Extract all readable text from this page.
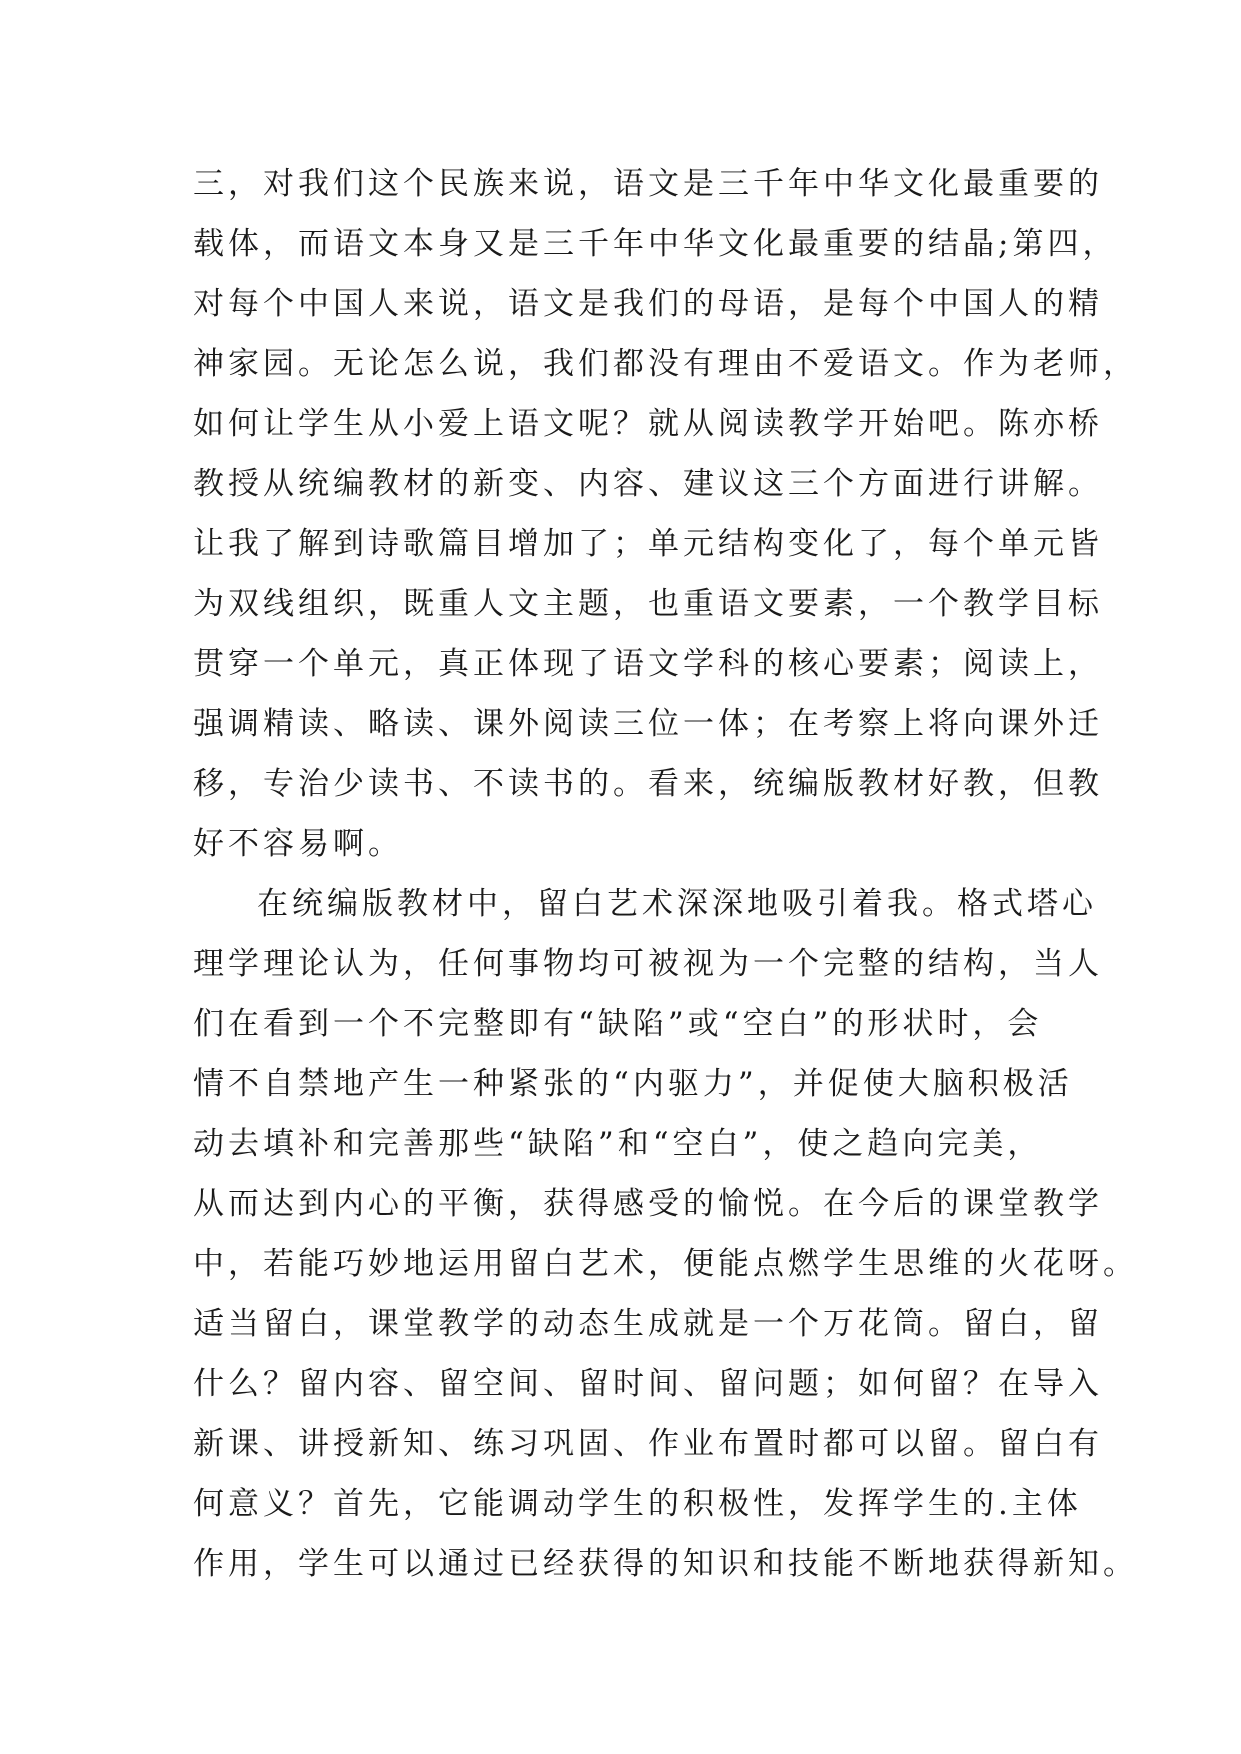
三，对我们这个民族来说，语文是三千年中华文化最重要的
载体，而语文本身又是三千年中华文化最重要的结晶;第四，
对每个中国人来说，语文是我们的母语，是每个中国人的精
神家园。无论怎么说，我们都没有理由不爱语文。作为老师，
如何让学生从小爱上语文呢？就从阅读教学开始吧。陈亦桥
教授从统编教材的新变、内容、建议这三个方面进行讲解。
让我了解到诗歌篇目增加了；单元结构变化了，每个单元皆
为双线组织，既重人文主题，也重语文要素，一个教学目标
贯穿一个单元，真正体现了语文学科的核心要素；阅读上，
强调精读、略读、课外阅读三位一体；在考察上将向课外迁
移，专治少读书、不读书的。看来，统编版教材好教，但教
好不容易啊。
在统编版教材中，留白艺术深深地吸引着我。格式塔心
理学理论认为，任何事物均可被视为一个完整的结构，当人
们在看到一个不完整即有“缺陷”或“空白”的形状时，会
情不自禁地产生一种紧张的“内驱力”，并促使大脑积极活
动去填补和完善那些“缺陷”和“空白”，使之趋向完美，
从而达到内心的平衡，获得感受的愉悦。在今后的课堂教学
中，若能巧妙地运用留白艺术，便能点燃学生思维的火花呀。
适当留白，课堂教学的动态生成就是一个万花筒。留白，留
什么？留内容、留空间、留时间、留问题；如何留？在导入
新课、讲授新知、练习巩固、作业布置时都可以留。留白有
何意义？首先，它能调动学生的积极性，发挥学生的.主体
作用，学生可以通过已经获得的知识和技能不断地获得新知。
